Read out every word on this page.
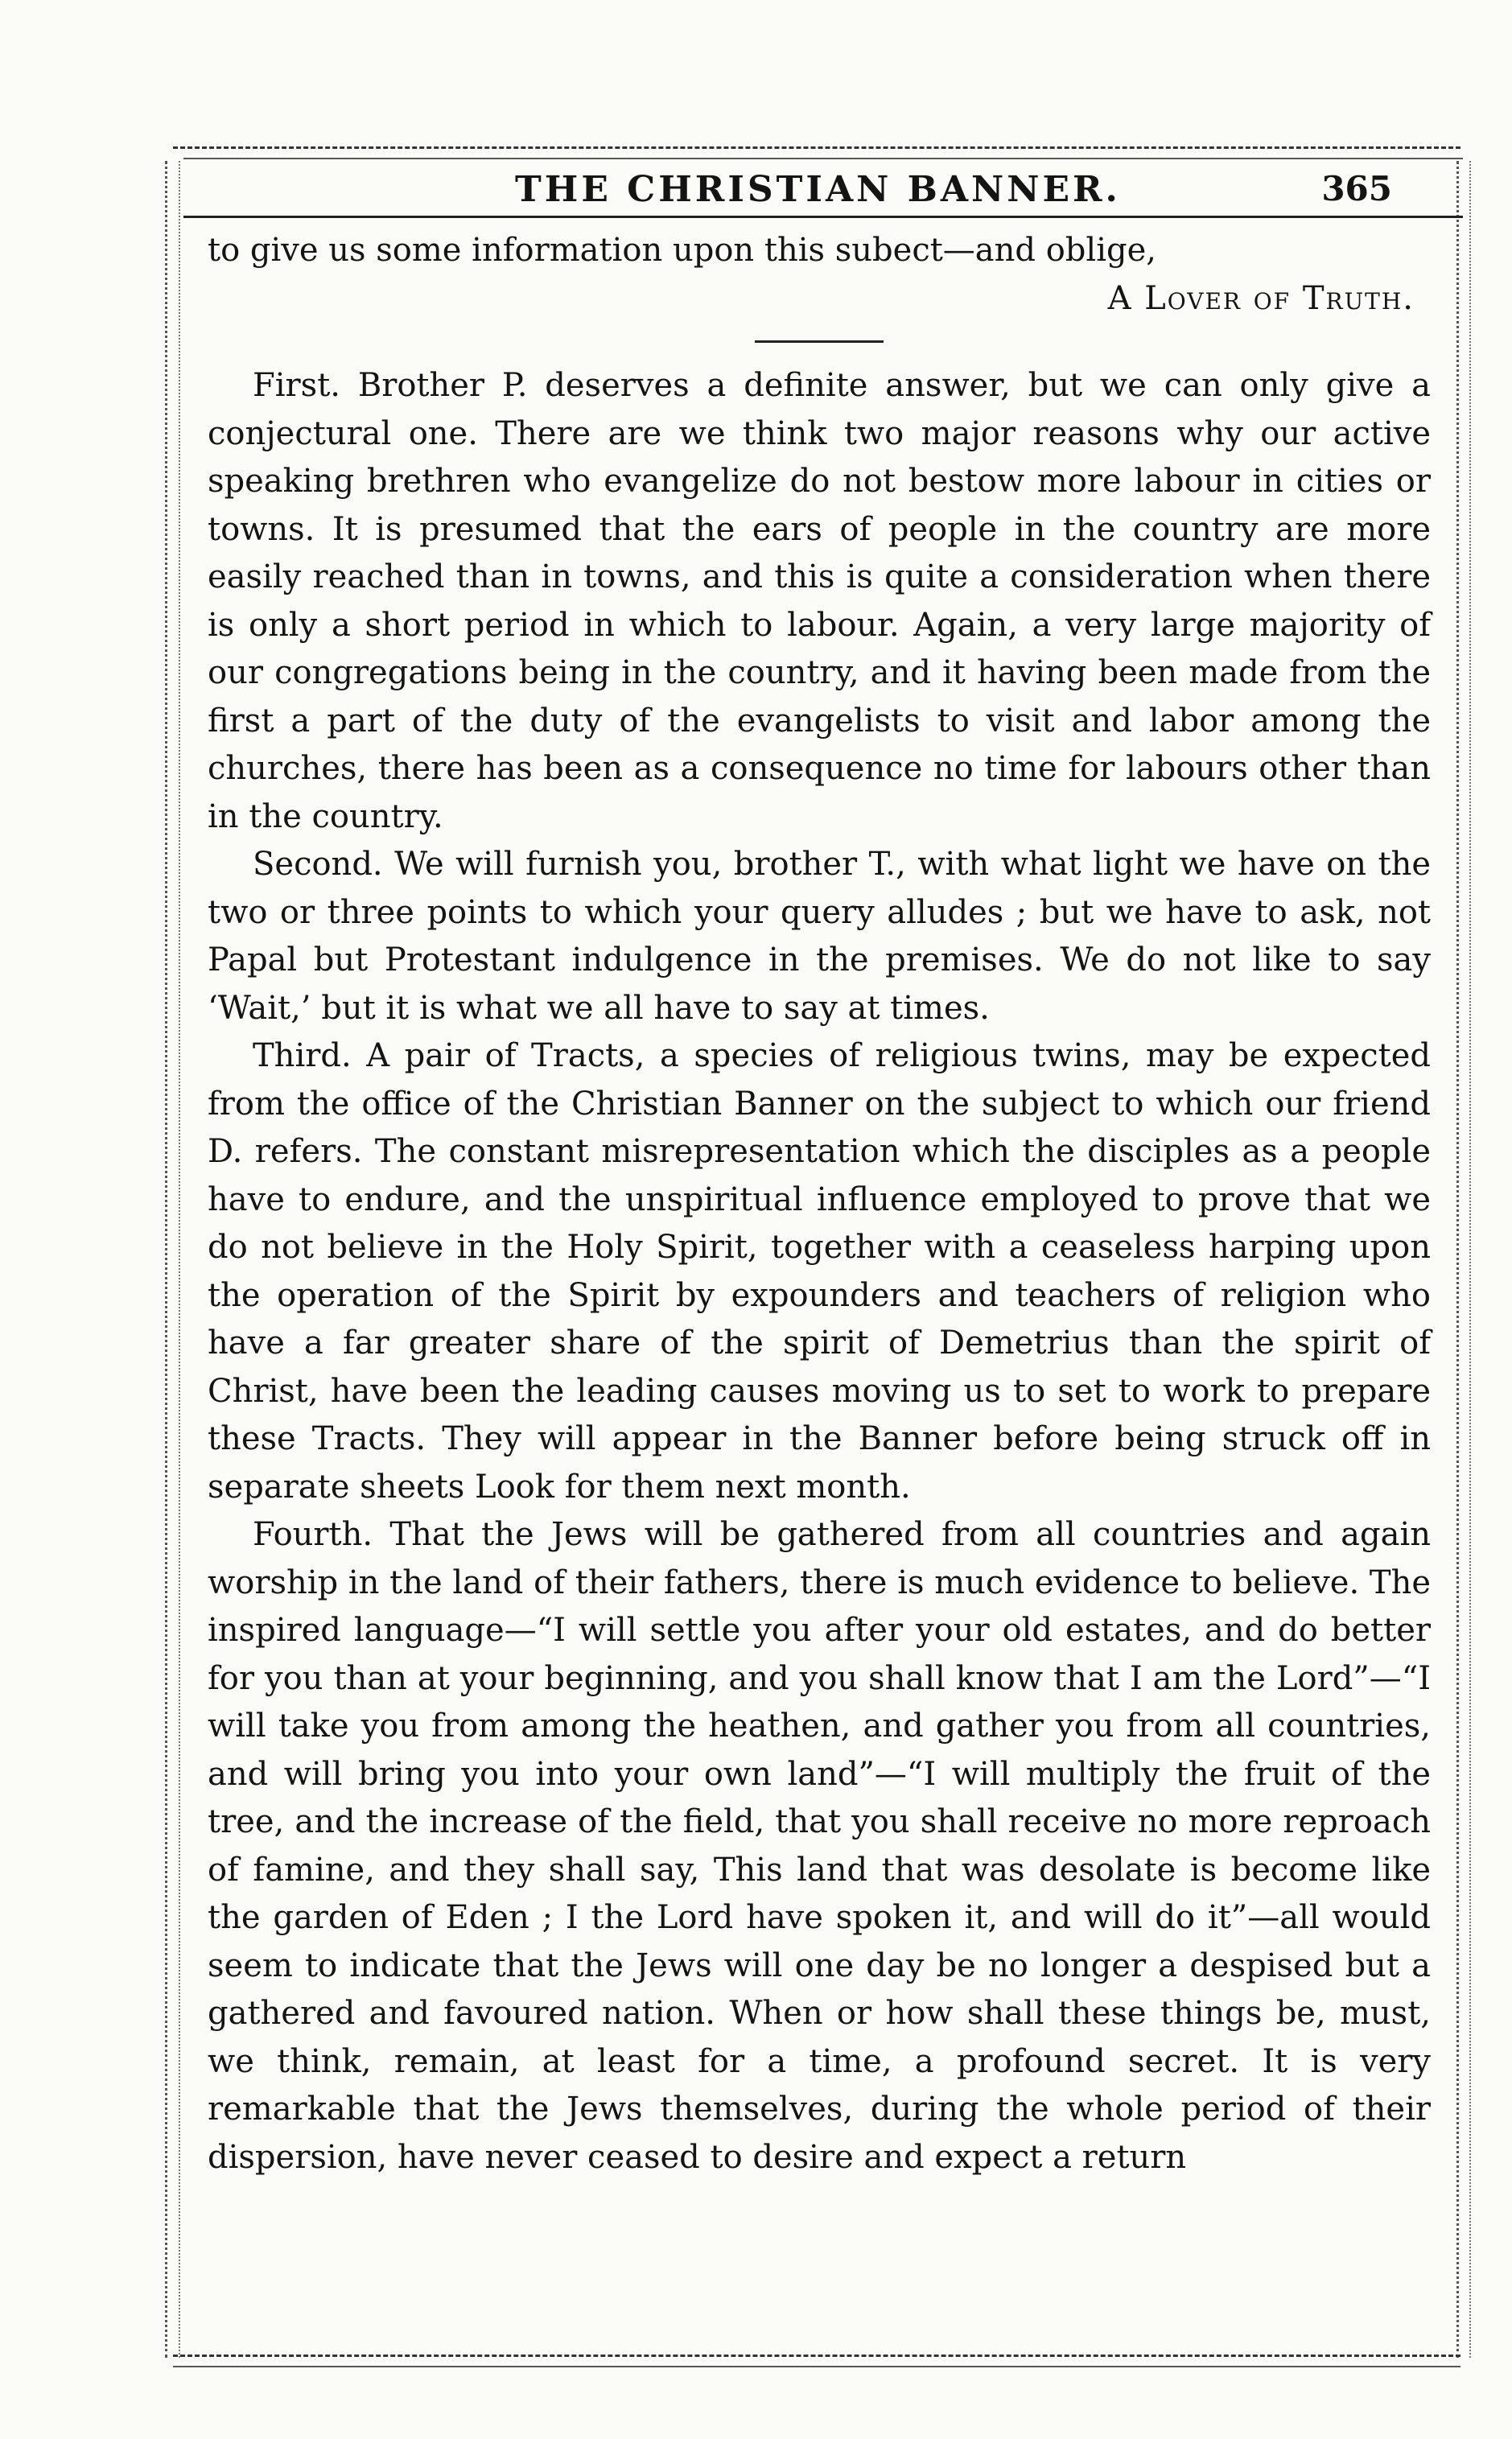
THE CHRISTIAN BANNER.	365

to give us some information upon this subect—and oblige,

A Lover of Truth.

First. Brother P. deserves a definite answer, but we can only give a conjectural one. There are we think two major reasons why our active speaking brethren who evangelize do not bestow more labour in cities or towns. It is presumed that the ears of people in the country are more easily reached than in towns, and this is quite a consideration when there is only a short period in which to labour. Again, a very large majority of our congregations being in the country, and it having been made from the first a part of the duty of the evangelists to visit and labor among the churches, there has been as a consequence no time for labours other than in the country.

Second. We will furnish you, brother T., with what light we have on the two or three points to which your query alludes ; but we have to ask, not Papal but Protestant indulgence in the premises. We do not like to say ‘Wait,’ but it is what we all have to say at times.

Third. A pair of Tracts, a species of religious twins, may be expected from the office of the Christian Banner on the subject to which our friend D. refers. The constant misrepresentation which the disciples as a people have to endure, and the unspiritual influence employed to prove that we do not believe in the Holy Spirit, together with a ceaseless harping upon the operation of the Spirit by expounders and teachers of religion who have a far greater share of the spirit of Demetrius than the spirit of Christ, have been the leading causes moving us to set to work to prepare these Tracts. They will appear in the Banner before being struck off in separate sheets Look for them next month.

Fourth. That the Jews will be gathered from all countries and again worship in the land of their fathers, there is much evidence to believe. The inspired language—“I will settle you after your old estates, and do better for you than at your beginning, and you shall know that I am the Lord”—“I will take you from among the heathen, and gather you from all countries, and will bring you into your own land”—“I will multiply the fruit of the tree, and the increase of the field, that you shall receive no more reproach of famine, and they shall say, This land that was desolate is become like the garden of Eden ; I the Lord have spoken it, and will do it”—all would seem to indicate that the Jews will one day be no longer a despised but a gathered and favoured nation. When or how shall these things be, must, we think, remain, at least for a time, a profound secret. It is very remarkable that the Jews themselves, during the whole period of their dispersion, have never ceased to desire and expect a return
